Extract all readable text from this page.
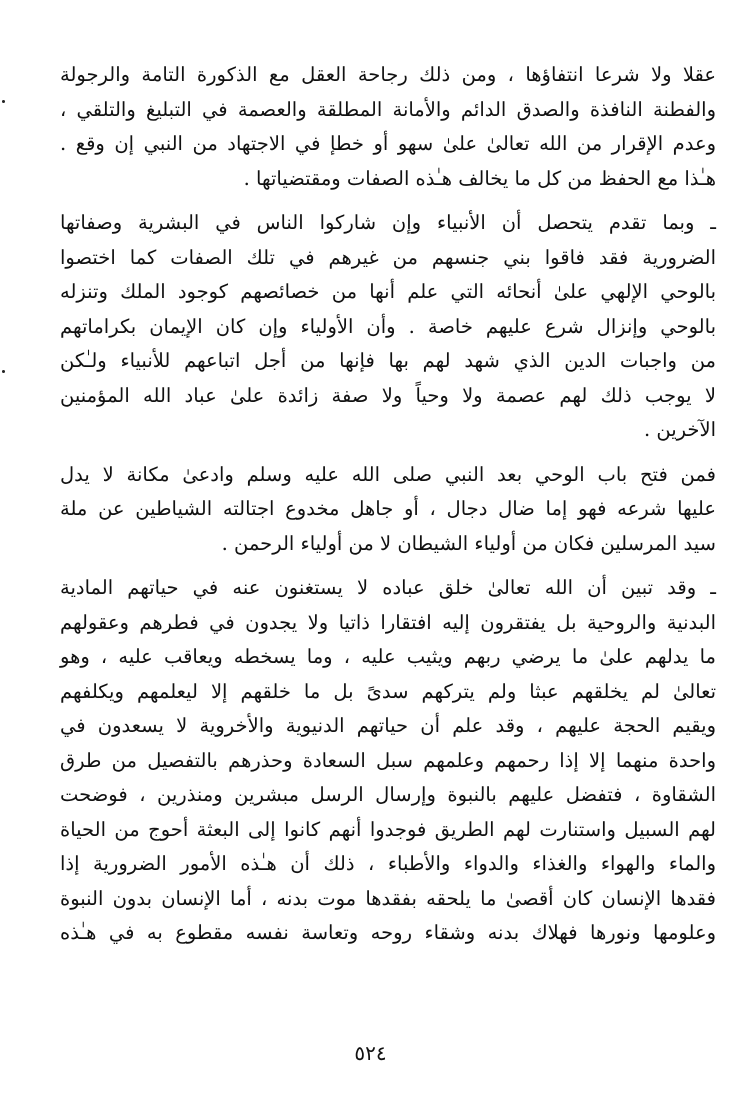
عقلا ولا شرعا انتفاؤها ، ومن ذلك رجاحة العقل مع الذكورة التامة والرجولة
والفطنة النافذة والصدق الدائم والأمانة المطلقة والعصمة في التبليغ والتلقي ،
وعدم الإقرار من الله تعالىٰ علىٰ سهو أو خطإ في الاجتهاد من النبي إن وقع .
هـٰذا مع الحفظ من كل ما يخالف هـٰذه الصفات ومقتضياتها .

ـ وبما تقدم يتحصل أن الأنبياء وإن شاركوا الناس في البشرية وصفاتها
الضرورية فقد فاقوا بني جنسهم من غيرهم في تلك الصفات كما اختصوا
بالوحي الإلهي علىٰ أنحائه التي علم أنها من خصائصهم كوجود الملك وتنزله
بالوحي وإنزال شرع عليهم خاصة . وأن الأولياء وإن كان الإيمان بكراماتهم
من واجبات الدين الذي شهد لهم بها فإنها من أجل اتباعهم للأنبياء ولـٰكن
لا يوجب ذلك لهم عصمة ولا وحياً ولا صفة زائدة علىٰ عباد الله المؤمنين
الآخرين .

فمن فتح باب الوحي بعد النبي صلى الله عليه وسلم وادعىٰ مكانة لا يدل
عليها شرعه فهو إما ضال دجال ، أو جاهل مخدوع اجتالته الشياطين عن ملة
سيد المرسلين فكان من أولياء الشيطان لا من أولياء الرحمن .

ـ وقد تبين أن الله تعالىٰ خلق عباده لا يستغنون عنه في حياتهم المادية
البدنية والروحية بل يفتقرون إليه افتقارا ذاتيا ولا يجدون في فطرهم وعقولهم
ما يدلهم علىٰ ما يرضي ربهم ويثيب عليه ، وما يسخطه ويعاقب عليه ، وهو
تعالىٰ لم يخلقهم عبثا ولم يتركهم سدىً بل ما خلقهم إلا ليعلمهم ويكلفهم
ويقيم الحجة عليهم ، وقد علم أن حياتهم الدنيوية والأخروية لا يسعدون في
واحدة منهما إلا إذا رحمهم وعلمهم سبل السعادة وحذرهم بالتفصيل من طرق
الشقاوة ، فتفضل عليهم بالنبوة وإرسال الرسل مبشرين ومنذرين ، فوضحت
لهم السبيل واستنارت لهم الطريق فوجدوا أنهم كانوا إلى البعثة أحوج من الحياة
والماء والهواء والغذاء والدواء والأطباء ، ذلك أن هـٰذه الأمور الضرورية إذا
فقدها الإنسان كان أقصىٰ ما يلحقه بفقدها موت بدنه ، أما الإنسان بدون النبوة
وعلومها ونورها فهلاك بدنه وشقاء روحه وتعاسة نفسه مقطوع به في هـٰذه

٥٢٤
